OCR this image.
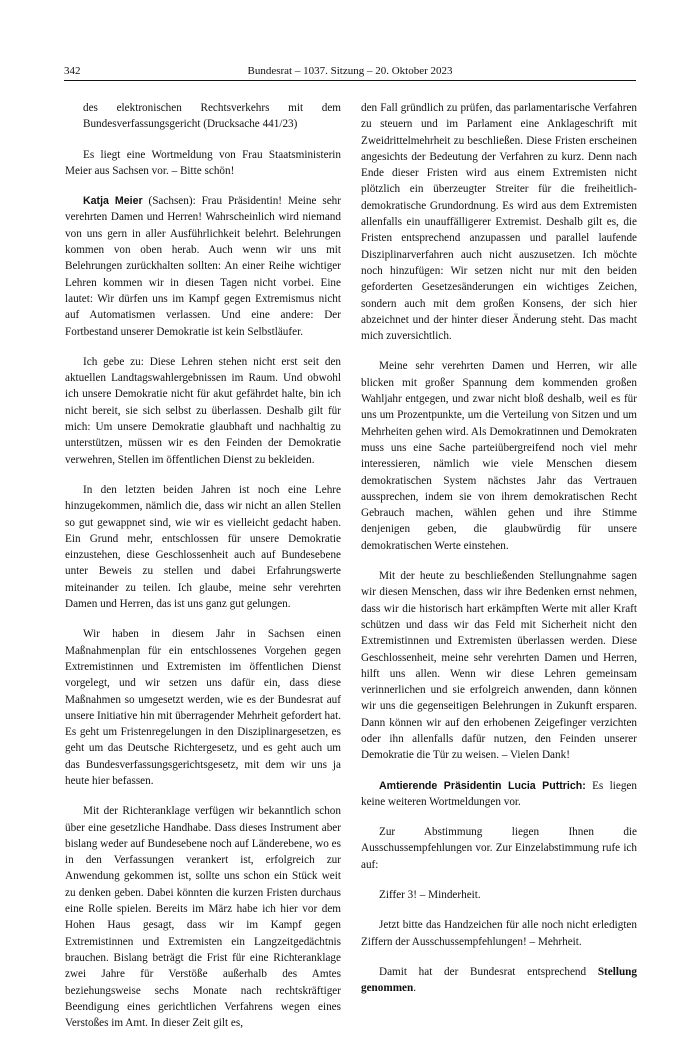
342	Bundesrat – 1037. Sitzung – 20. Oktober 2023

des elektronischen Rechtsverkehrs mit dem Bundesverfassungsgericht (Drucksache 441/23)

Es liegt eine Wortmeldung von Frau Staatsministerin Meier aus Sachsen vor. – Bitte schön!

Katja Meier (Sachsen): Frau Präsidentin! Meine sehr verehrten Damen und Herren! Wahrscheinlich wird niemand von uns gern in aller Ausführlichkeit belehrt. Belehrungen kommen von oben herab. Auch wenn wir uns mit Belehrungen zurückhalten sollten: An einer Reihe wichtiger Lehren kommen wir in diesen Tagen nicht vorbei. Eine lautet: Wir dürfen uns im Kampf gegen Extremismus nicht auf Automatismen verlassen. Und eine andere: Der Fortbestand unserer Demokratie ist kein Selbstläufer.

Ich gebe zu: Diese Lehren stehen nicht erst seit den aktuellen Landtagswahlergebnissen im Raum. Und obwohl ich unsere Demokratie nicht für akut gefährdet halte, bin ich nicht bereit, sie sich selbst zu überlassen. Deshalb gilt für mich: Um unsere Demokratie glaubhaft und nachhaltig zu unterstützen, müssen wir es den Feinden der Demokratie verwehren, Stellen im öffentlichen Dienst zu bekleiden.

In den letzten beiden Jahren ist noch eine Lehre hinzugekommen, nämlich die, dass wir nicht an allen Stellen so gut gewappnet sind, wie wir es vielleicht gedacht haben. Ein Grund mehr, entschlossen für unsere Demokratie einzustehen, diese Geschlossenheit auch auf Bundesebene unter Beweis zu stellen und dabei Erfahrungswerte miteinander zu teilen. Ich glaube, meine sehr verehrten Damen und Herren, das ist uns ganz gut gelungen.

Wir haben in diesem Jahr in Sachsen einen Maßnahmenplan für ein entschlossenes Vorgehen gegen Extremistinnen und Extremisten im öffentlichen Dienst vorgelegt, und wir setzen uns dafür ein, dass diese Maßnahmen so umgesetzt werden, wie es der Bundesrat auf unsere Initiative hin mit überragender Mehrheit gefordert hat. Es geht um Fristenregelungen in den Disziplinargesetzen, es geht um das Deutsche Richtergesetz, und es geht auch um das Bundesverfassungsgerichtsgesetz, mit dem wir uns ja heute hier befassen.

Mit der Richteranklage verfügen wir bekanntlich schon über eine gesetzliche Handhabe. Dass dieses Instrument aber bislang weder auf Bundesebene noch auf Länderebene, wo es in den Verfassungen verankert ist, erfolgreich zur Anwendung gekommen ist, sollte uns schon ein Stück weit zu denken geben. Dabei könnten die kurzen Fristen durchaus eine Rolle spielen. Bereits im März habe ich hier vor dem Hohen Haus gesagt, dass wir im Kampf gegen Extremistinnen und Extremisten ein Langzeitgedächtnis brauchen. Bislang beträgt die Frist für eine Richteranklage zwei Jahre für Verstöße außerhalb des Amtes beziehungsweise sechs Monate nach rechtskräftiger Beendigung eines gerichtlichen Verfahrens wegen eines Verstoßes im Amt. In dieser Zeit gilt es,

den Fall gründlich zu prüfen, das parlamentarische Verfahren zu steuern und im Parlament eine Anklageschrift mit Zweidrittelmehrheit zu beschließen. Diese Fristen erscheinen angesichts der Bedeutung der Verfahren zu kurz. Denn nach Ende dieser Fristen wird aus einem Extremisten nicht plötzlich ein überzeugter Streiter für die freiheitlich-demokratische Grundordnung. Es wird aus dem Extremisten allenfalls ein unauffälligerer Extremist. Deshalb gilt es, die Fristen entsprechend anzupassen und parallel laufende Disziplinarverfahren auch nicht auszusetzen. Ich möchte noch hinzufügen: Wir setzen nicht nur mit den beiden geforderten Gesetzesänderungen ein wichtiges Zeichen, sondern auch mit dem großen Konsens, der sich hier abzeichnet und der hinter dieser Änderung steht. Das macht mich zuversichtlich.

Meine sehr verehrten Damen und Herren, wir alle blicken mit großer Spannung dem kommenden großen Wahljahr entgegen, und zwar nicht bloß deshalb, weil es für uns um Prozentpunkte, um die Verteilung von Sitzen und um Mehrheiten gehen wird. Als Demokratinnen und Demokraten muss uns eine Sache parteiübergreifend noch viel mehr interessieren, nämlich wie viele Menschen diesem demokratischen System nächstes Jahr das Vertrauen aussprechen, indem sie von ihrem demokratischen Recht Gebrauch machen, wählen gehen und ihre Stimme denjenigen geben, die glaubwürdig für unsere demokratischen Werte einstehen.

Mit der heute zu beschließenden Stellungnahme sagen wir diesen Menschen, dass wir ihre Bedenken ernst nehmen, dass wir die historisch hart erkämpften Werte mit aller Kraft schützen und dass wir das Feld mit Sicherheit nicht den Extremistinnen und Extremisten überlassen werden. Diese Geschlossenheit, meine sehr verehrten Damen und Herren, hilft uns allen. Wenn wir diese Lehren gemeinsam verinnerlichen und sie erfolgreich anwenden, dann können wir uns die gegenseitigen Belehrungen in Zukunft ersparen. Dann können wir auf den erhobenen Zeigefinger verzichten oder ihn allenfalls dafür nutzen, den Feinden unserer Demokratie die Tür zu weisen. – Vielen Dank!

Amtierende Präsidentin Lucia Puttrich: Es liegen keine weiteren Wortmeldungen vor.

Zur Abstimmung liegen Ihnen die Ausschussempfehlungen vor. Zur Einzelabstimmung rufe ich auf:

Ziffer 3! – Minderheit.

Jetzt bitte das Handzeichen für alle noch nicht erledigten Ziffern der Ausschussempfehlungen! – Mehrheit.

Damit hat der Bundesrat entsprechend Stellung genommen.
